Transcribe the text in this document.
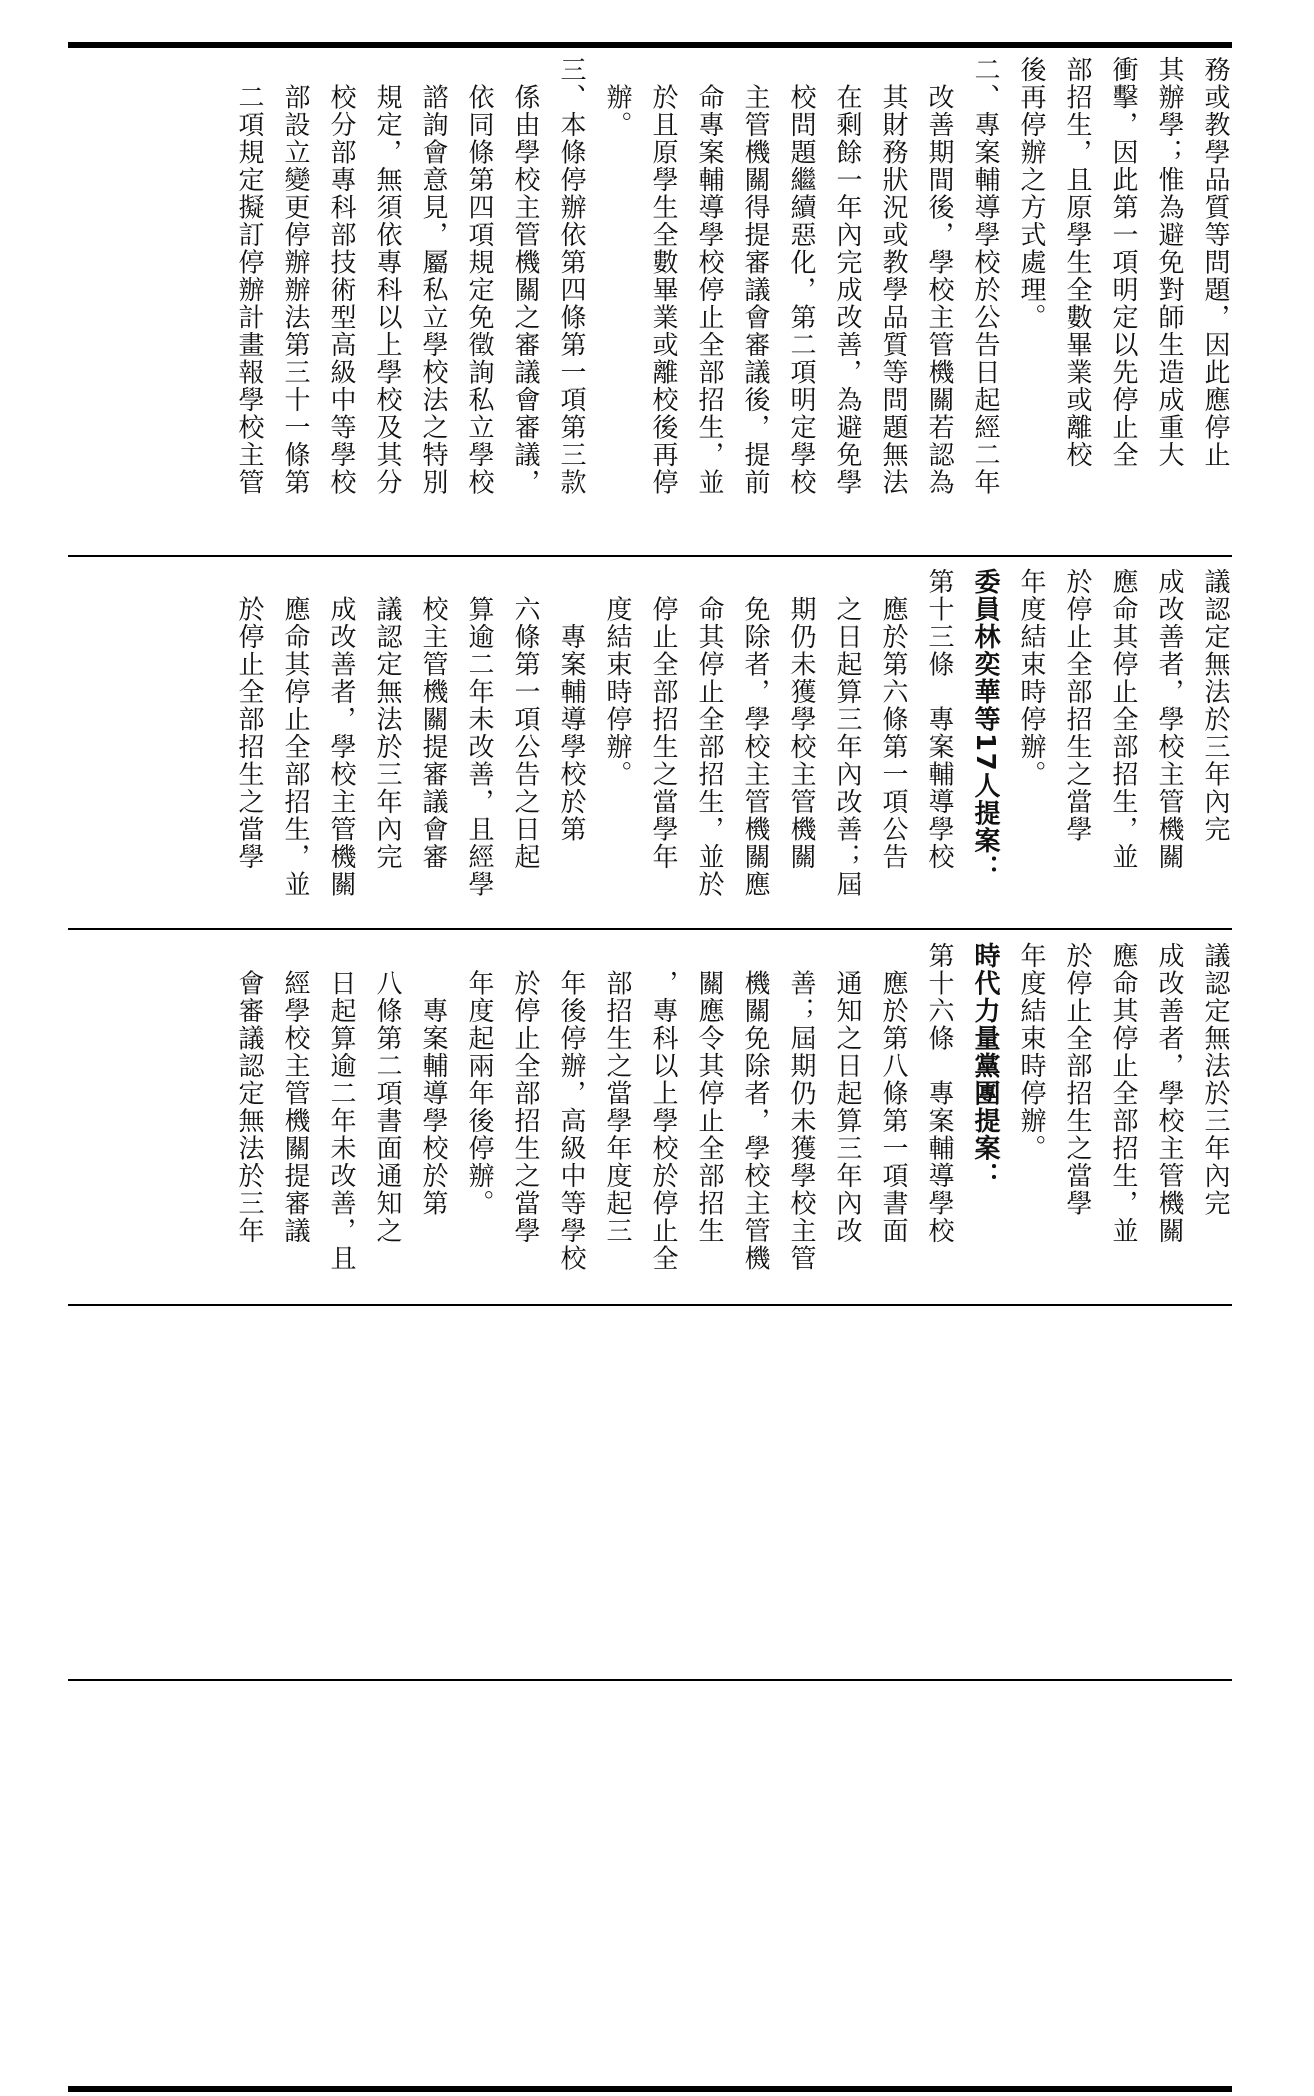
務或教學品質等問題，因此應停止
其辦學；惟為避免對師生造成重大
衝擊，因此第一項明定以先停止全
部招生，且原學生全數畢業或離校
後再停辦之方式處理。
二、專案輔導學校於公告日起經二年
　改善期間後，學校主管機關若認為
　其財務狀況或教學品質等問題無法
　在剩餘一年內完成改善，為避免學
　校問題繼續惡化，第二項明定學校
　主管機關得提審議會審議後，提前
　命專案輔導學校停止全部招生，並
　於且原學生全數畢業或離校後再停
　辦。
三、本條停辦依第四條第一項第三款
　係由學校主管機關之審議會審議，
　依同條第四項規定免徵詢私立學校
　諮詢會意見，屬私立學校法之特別
　規定，無須依專科以上學校及其分
　校分部專科部技術型高級中等學校
　部設立變更停辦辦法第三十一條第
　二項規定擬訂停辦計畫報學校主管
議認定無法於三年內完
成改善者，學校主管機關
應命其停止全部招生，並
於停止全部招生之當學
年度結束時停辦。
委員林奕華等17人提案：
第十三條　專案輔導學校
　應於第六條第一項公告
　之日起算三年內改善；屆
　期仍未獲學校主管機關
　免除者，學校主管機關應
　命其停止全部招生，並於
　停止全部招生之當學年
　度結束時停辦。
　　專案輔導學校於第
　六條第一項公告之日起
　算逾二年未改善，且經學
　校主管機關提審議會審
　議認定無法於三年內完
　成改善者，學校主管機關
　應命其停止全部招生，並
　於停止全部招生之當學
議認定無法於三年內完
成改善者，學校主管機關
應命其停止全部招生，並
於停止全部招生之當學
年度結束時停辦。
時代力量黨團提案：
第十六條　專案輔導學校
　應於第八條第一項書面
　通知之日起算三年內改
　善；屆期仍未獲學校主管
　機關免除者，學校主管機
　關應令其停止全部招生
　，專科以上學校於停止全
　部招生之當學年度起三
　年後停辦，高級中等學校
　於停止全部招生之當學
　年度起兩年後停辦。
　　專案輔導學校於第
　八條第二項書面通知之
　日起算逾二年未改善，且
　經學校主管機關提審議
　會審議認定無法於三年
